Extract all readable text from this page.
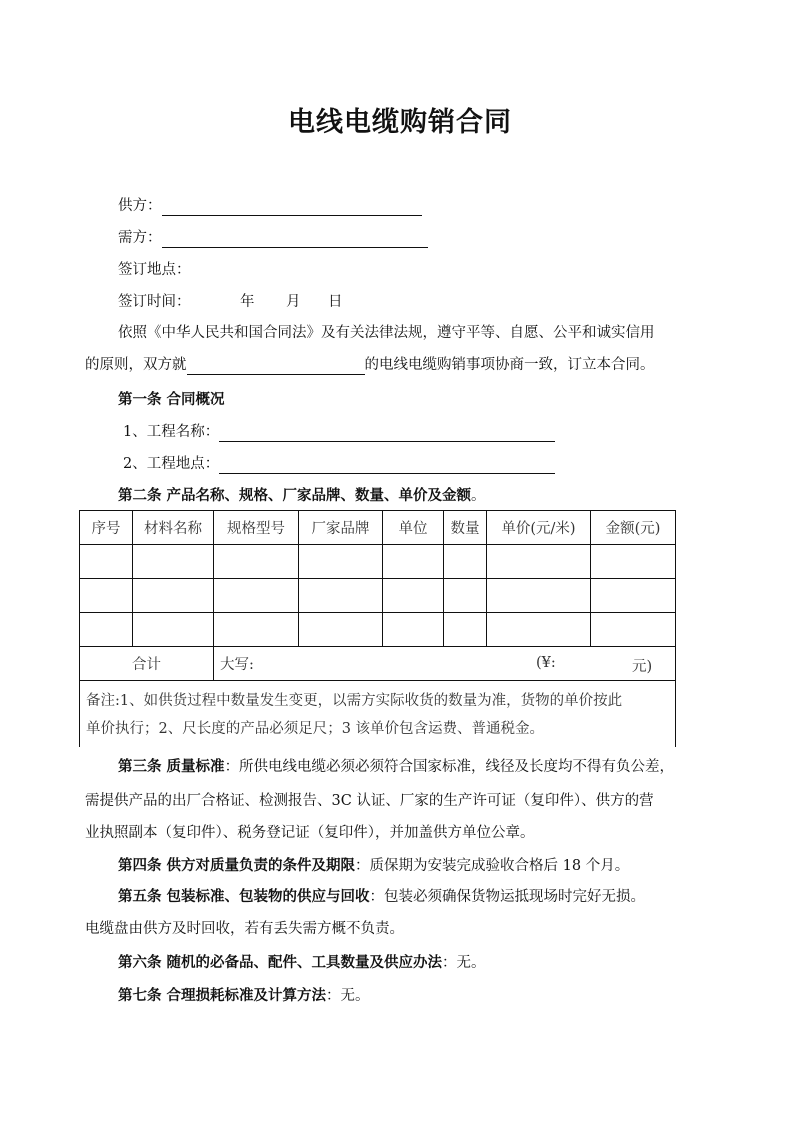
电线电缆购销合同
供方：
需方：
签订地点：
签订时间：	年 月 日
依照《中华人民共和国合同法》及有关法律法规，遵守平等、自愿、公平和诚实信用
的原则，双方就	的电线电缆购销事项协商一致，订立本合同。
第一条 合同概况
1、工程名称：
2、工程地点：
第二条 产品名称、规格、厂家品牌、数量、单价及金额。
序号	材料名称	规格型号	厂家品牌	单位	数量	单价(元/米)	金额(元)

合计		大写: (¥: 元)					

备注:1、如供货过程中数量发生变更，以需方实际收货的数量为准，货物的单价按此
单价执行；2、尺长度的产品必须足尺；3 该单价包含运费、普通税金。							
第三条 质量标准：所供电线电缆必须必须符合国家标准，线径及长度均不得有负公差，
需提供产品的出厂合格证、检测报告、3C 认证、厂家的生产许可证（复印件）、供方的营
业执照副本（复印件）、税务登记证（复印件），并加盖供方单位公章。
第四条 供方对质量负责的条件及期限：质保期为安装完成验收合格后 18 个月。
第五条 包装标准、包装物的供应与回收：包装必须确保货物运抵现场时完好无损。
电缆盘由供方及时回收，若有丢失需方概不负责。
第六条 随机的必备品、配件、工具数量及供应办法：无。
第七条 合理损耗标准及计算方法：无。
